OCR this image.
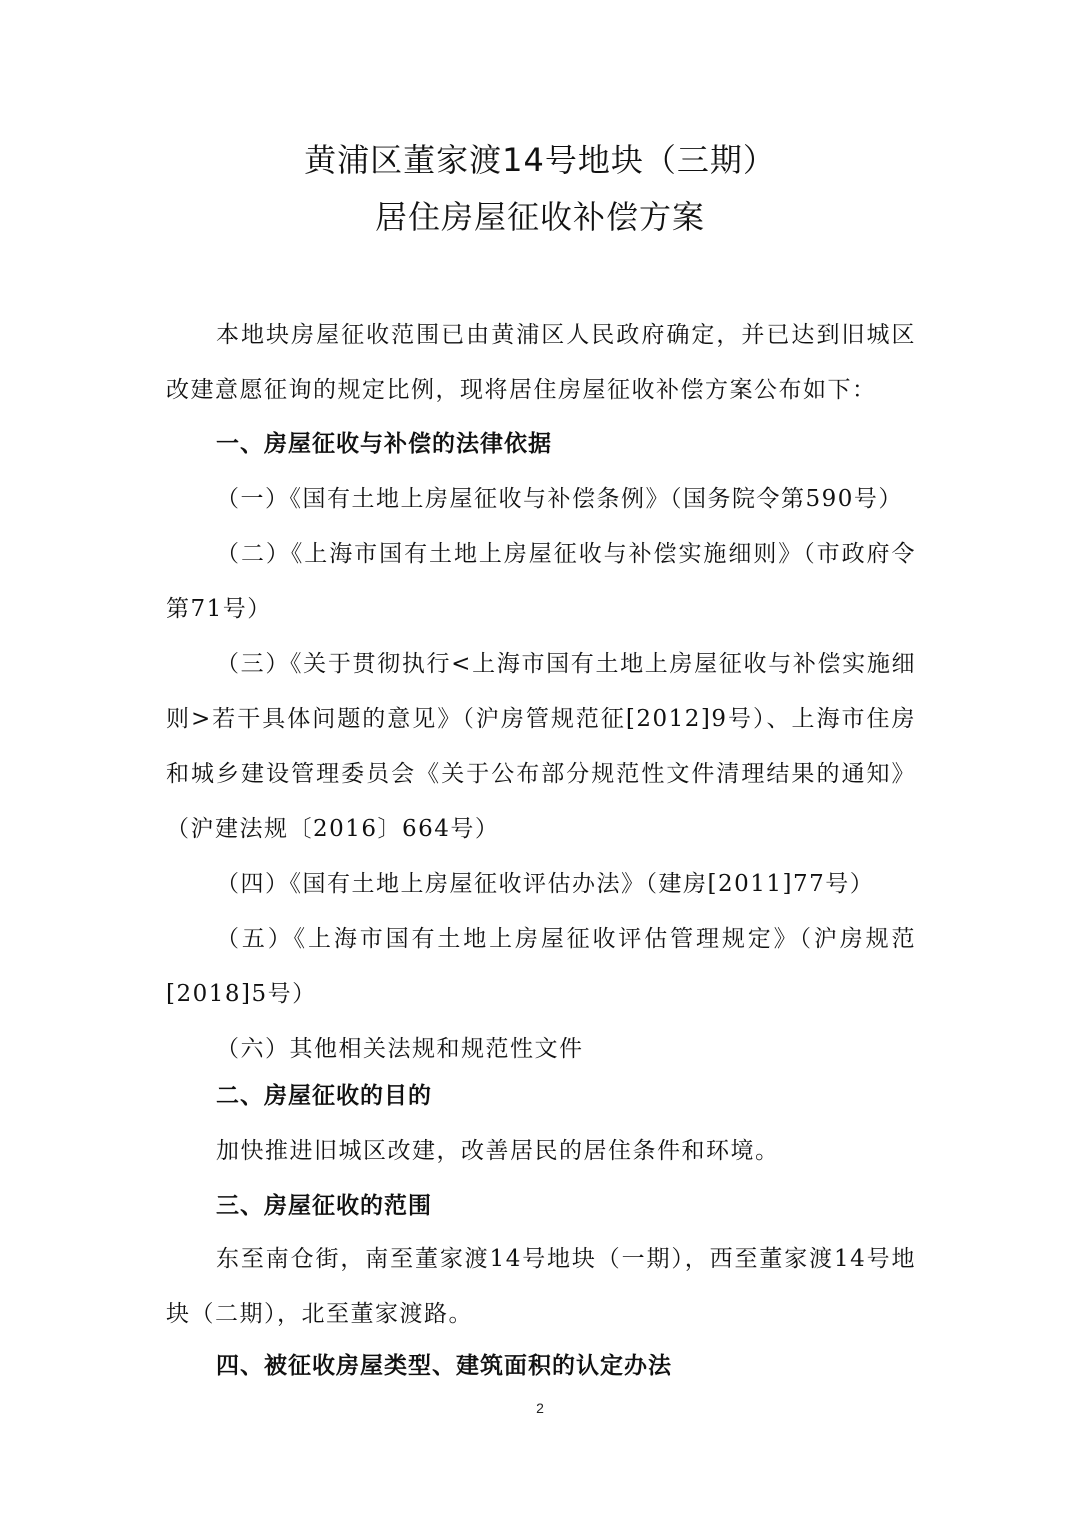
黄浦区董家渡14号地块（三期）
居住房屋征收补偿方案

本地块房屋征收范围已由黄浦区人民政府确定，并已达到旧城区改建意愿征询的规定比例，现将居住房屋征收补偿方案公布如下：

一、房屋征收与补偿的法律依据

（一）《国有土地上房屋征收与补偿条例》（国务院令第590号）

（二）《上海市国有土地上房屋征收与补偿实施细则》（市政府令第71号）

（三）《关于贯彻执行<上海市国有土地上房屋征收与补偿实施细则>若干具体问题的意见》（沪房管规范征[2012]9号）、上海市住房和城乡建设管理委员会《关于公布部分规范性文件清理结果的通知》（沪建法规〔2016〕664号）

（四）《国有土地上房屋征收评估办法》（建房[2011]77号）

（五）《上海市国有土地上房屋征收评估管理规定》（沪房规范[2018]5号）

（六）其他相关法规和规范性文件

二、房屋征收的目的

加快推进旧城区改建，改善居民的居住条件和环境。

三、房屋征收的范围

东至南仓街，南至董家渡14号地块（一期），西至董家渡14号地块（二期），北至董家渡路。

四、被征收房屋类型、建筑面积的认定办法
2
